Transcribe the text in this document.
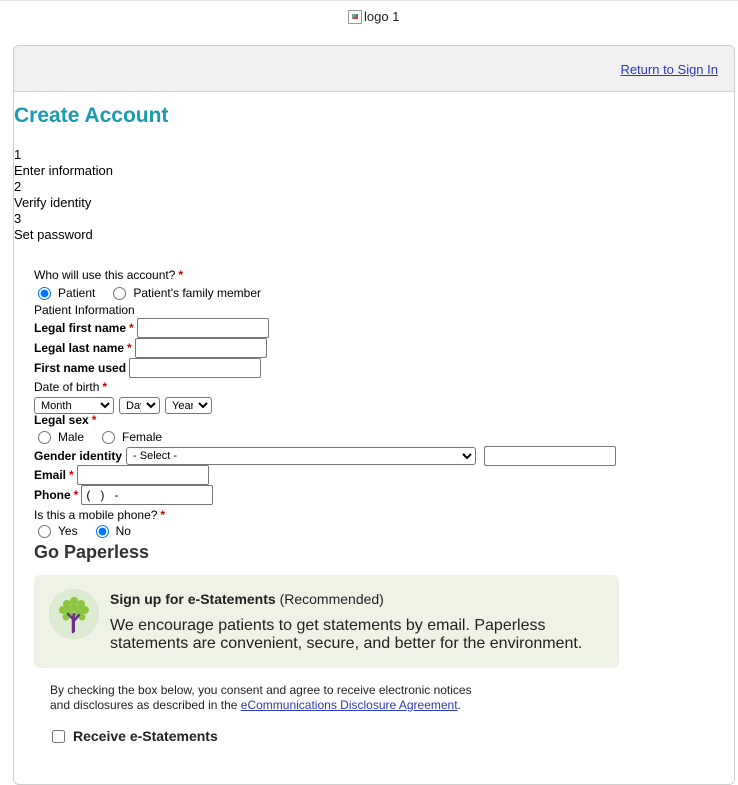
logo 1
Return to Sign In
Create Account
1
Enter information
2
Verify identity
3
Set password
Who will use this account? *
Patient	Patient's family member
Patient Information
Legal first name *
Legal last name *
First name used
Date of birth *
Month
Day
Year
Legal sex *
Male	Female
Gender identity
- Select -
Email *
Phone *
( ) -
Is this a mobile phone? *
Yes	No
Go Paperless
Sign up for e-Statements (Recommended)
We encourage patients to get statements by email. Paperless statements are convenient, secure, and better for the environment.
By checking the box below, you consent and agree to receive electronic notices
and disclosures as described in the eCommunications Disclosure Agreement.
Receive e-Statements
